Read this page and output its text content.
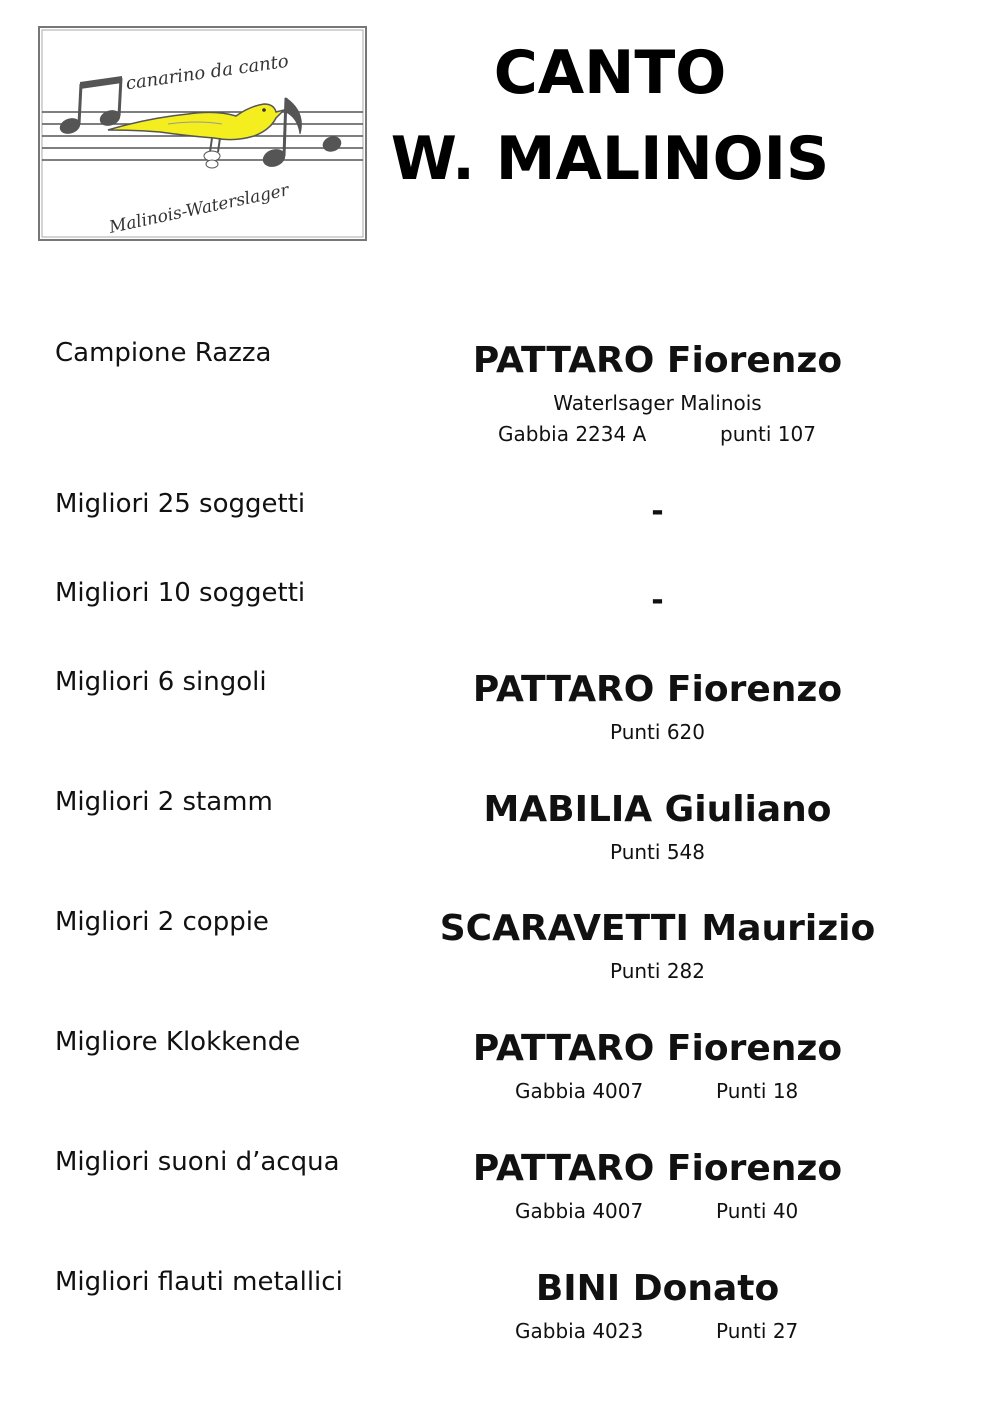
canarino da canto
Malinois-Waterslager
CANTO
W. MALINOIS
Campione Razza	PATTARO Fiorenzo
Waterlsager Malinois
Gabbia 2234 A	punti 107
Migliori 25 soggetti	-
Migliori 10 soggetti	-
Migliori 6 singoli	PATTARO Fiorenzo
Punti 620
Migliori 2 stamm	MABILIA Giuliano
Punti 548
Migliori 2 coppie	SCARAVETTI Maurizio
Punti 282
Migliore Klokkende	PATTARO Fiorenzo
Gabbia 4007	Punti 18
Migliori suoni d’acqua	PATTARO Fiorenzo
Gabbia 4007	Punti 40
Migliori flauti metallici	BINI Donato
Gabbia 4023	Punti 27
